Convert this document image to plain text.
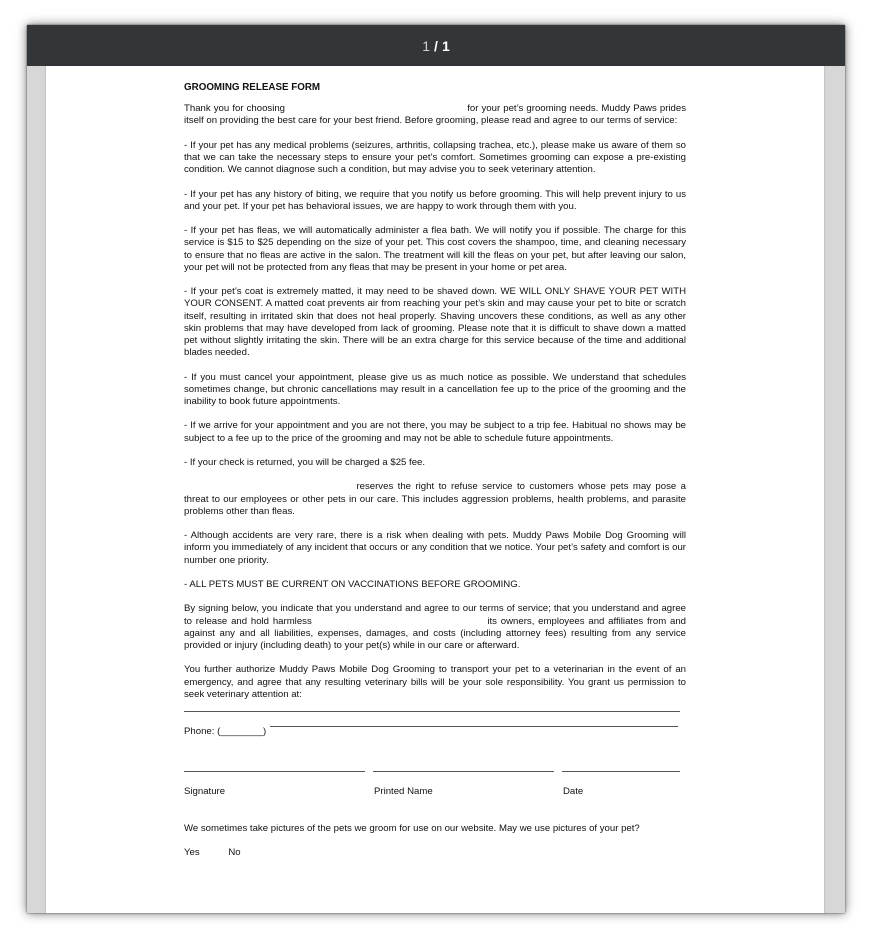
1 / 1

GROOMING RELEASE FORM

Thank you for choosing	for your pet’s grooming needs. Muddy Paws prides itself on providing the best care for your best friend. Before grooming, please read and agree to our terms of service:

- If your pet has any medical problems (seizures, arthritis, collapsing trachea, etc.), please make us aware of them so that we can take the necessary steps to ensure your pet’s comfort. Sometimes grooming can expose a pre-existing condition. We cannot diagnose such a condition, but may advise you to seek veterinary attention.

- If your pet has any history of biting, we require that you notify us before grooming. This will help prevent injury to us and your pet. If your pet has behavioral issues, we are happy to work through them with you.

- If your pet has fleas, we will automatically administer a flea bath. We will notify you if possible. The charge for this service is $15 to $25 depending on the size of your pet. This cost covers the shampoo, time, and cleaning necessary to ensure that no fleas are active in the salon. The treatment will kill the fleas on your pet, but after leaving our salon, your pet will not be protected from any fleas that may be present in your home or pet area.

- If your pet’s coat is extremely matted, it may need to be shaved down. WE WILL ONLY SHAVE YOUR PET WITH YOUR CONSENT. A matted coat prevents air from reaching your pet’s skin and may cause your pet to bite or scratch itself, resulting in irritated skin that does not heal properly. Shaving uncovers these conditions, as well as any other skin problems that may have developed from lack of grooming. Please note that it is difficult to shave down a matted pet without slightly irritating the skin. There will be an extra charge for this service because of the time and additional blades needed.

- If you must cancel your appointment, please give us as much notice as possible. We understand that schedules sometimes change, but chronic cancellations may result in a cancellation fee up to the price of the grooming and the inability to book future appointments.

- If we arrive for your appointment and you are not there, you may be subject to a trip fee. Habitual no shows may be subject to a fee up to the price of the grooming and may not be able to schedule future appointments.

- If your check is returned, you will be charged a $25 fee.

reserves the right to refuse service to customers whose pets may pose a threat to our employees or other pets in our care. This includes aggression problems, health problems, and parasite problems other than fleas.

- Although accidents are very rare, there is a risk when dealing with pets. Muddy Paws Mobile Dog Grooming will inform you immediately of any incident that occurs or any condition that we notice. Your pet’s safety and comfort is our number one priority.

- ALL PETS MUST BE CURRENT ON VACCINATIONS BEFORE GROOMING.

By signing below, you indicate that you understand and agree to our terms of service; that you understand and agree to release and hold harmless	its owners, employees and affiliates from and against any and all liabilities, expenses, damages, and costs (including attorney fees) resulting from any service provided or injury (including death) to your pet(s) while in our care or afterward.

You further authorize Muddy Paws Mobile Dog Grooming to transport your pet to a veterinarian in the event of an emergency, and agree that any resulting veterinary bills will be your sole responsibility. You grant us permission to seek veterinary attention at:

Phone: (________)
Signature	Printed Name	Date

We sometimes take pictures of the pets we groom for use on our website. May we use pictures of your pet?

Yes	No
